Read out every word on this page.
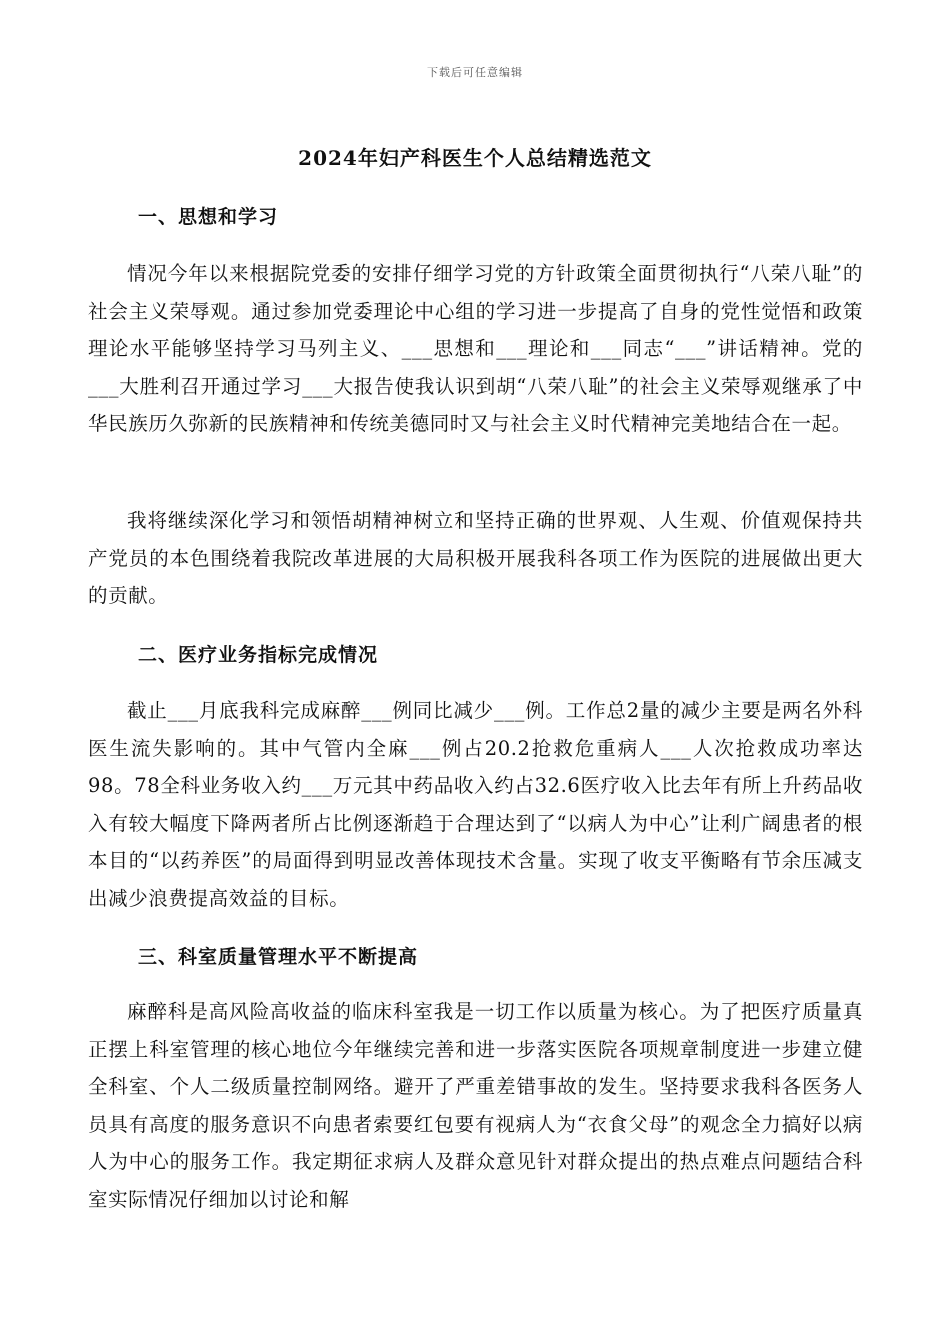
下载后可任意编辑
2024年妇产科医生个人总结精选范文
一、思想和学习

情况今年以来根据院党委的安排仔细学习党的方针政策全面贯彻执行“八荣八耻”的社会主义荣辱观。通过参加党委理论中心组的学习进一步提高了自身的党性觉悟和政策理论水平能够坚持学习马列主义、___思想和___理论和___同志“___”讲话精神。党的___大胜利召开通过学习___大报告使我认识到胡“八荣八耻”的社会主义荣辱观继承了中华民族历久弥新的民族精神和传统美德同时又与社会主义时代精神完美地结合在一起。

我将继续深化学习和领悟胡精神树立和坚持正确的世界观、人生观、价值观保持共产党员的本色围绕着我院改革进展的大局积极开展我科各项工作为医院的进展做出更大的贡献。

二、医疗业务指标完成情况

截止___月底我科完成麻醉___例同比减少___例。工作总2量的减少主要是两名外科医生流失影响的。其中气管内全麻___例占20.2抢救危重病人___人次抢救成功率达98。78全科业务收入约___万元其中药品收入约占32.6医疗收入比去年有所上升药品收入有较大幅度下降两者所占比例逐渐趋于合理达到了“以病人为中心”让利广阔患者的根本目的“以药养医”的局面得到明显改善体现技术含量。实现了收支平衡略有节余压减支出减少浪费提高效益的目标。

三、科室质量管理水平不断提高

麻醉科是高风险高收益的临床科室我是一切工作以质量为核心。为了把医疗质量真正摆上科室管理的核心地位今年继续完善和进一步落实医院各项规章制度进一步建立健全科室、个人二级质量控制网络。避开了严重差错事故的发生。坚持要求我科各医务人员具有高度的服务意识不向患者索要红包要有视病人为“衣食父母”的观念全力搞好以病人为中心的服务工作。我定期征求病人及群众意见针对群众提出的热点难点问题结合科室实际情况仔细加以讨论和解
